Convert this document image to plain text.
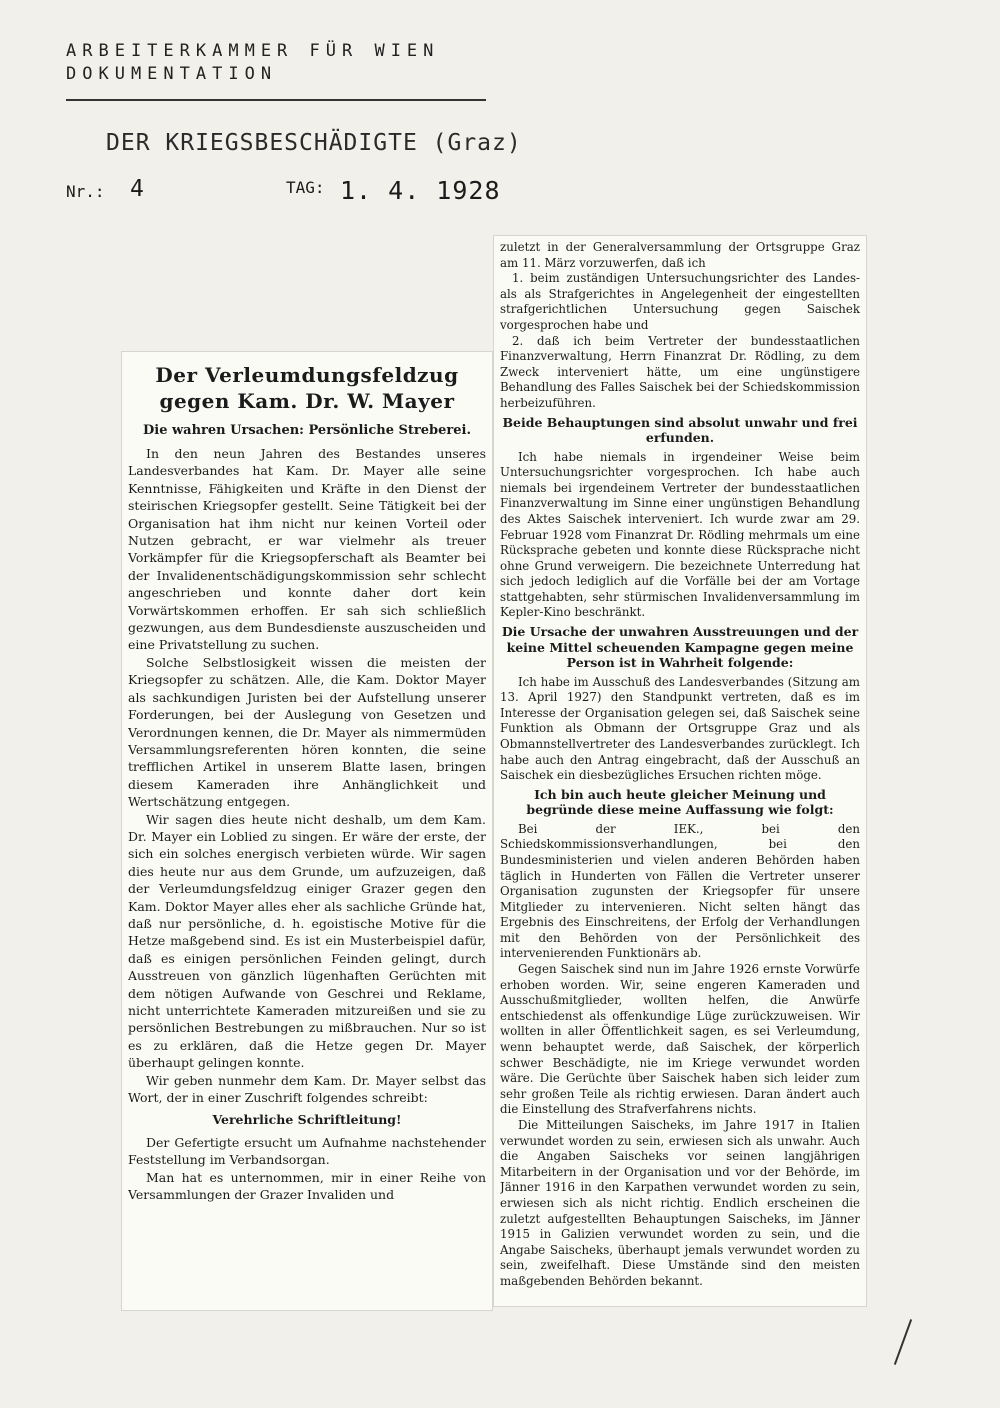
ARBEITERKAMMER FÜR WIEN
DOKUMENTATION
DER KRIEGSBESCHÄDIGTE (Graz)
Nr.: 4	TAG: 1. 4. 1928
Der Verleumdungsfeldzug gegen Kam. Dr. W. Mayer
Die wahren Ursachen: Persönliche Streberei.

In den neun Jahren des Bestandes unseres Landesverbandes hat Kam. Dr. Mayer alle seine Kenntnisse, Fähigkeiten und Kräfte in den Dienst der steirischen Kriegsopfer gestellt. Seine Tätigkeit bei der Organisation hat ihm nicht nur keinen Vorteil oder Nutzen gebracht, er war vielmehr als treuer Vorkämpfer für die Kriegsopferschaft als Beamter bei der Invalidenentschädigungskommission sehr schlecht angeschrieben und konnte daher dort kein Vorwärtskommen erhoffen. Er sah sich schließlich gezwungen, aus dem Bundesdienste auszuscheiden und eine Privatstellung zu suchen.

Solche Selbstlosigkeit wissen die meisten der Kriegsopfer zu schätzen. Alle, die Kam. Doktor Mayer als sachkundigen Juristen bei der Aufstellung unserer Forderungen, bei der Auslegung von Gesetzen und Verordnungen kennen, die Dr. Mayer als nimmermüden Versammlungsreferenten hören konnten, die seine trefflichen Artikel in unserem Blatte lasen, bringen diesem Kameraden ihre Anhänglichkeit und Wertschätzung entgegen.

Wir sagen dies heute nicht deshalb, um dem Kam. Dr. Mayer ein Loblied zu singen. Er wäre der erste, der sich ein solches energisch verbieten würde. Wir sagen dies heute nur aus dem Grunde, um aufzuzeigen, daß der Verleumdungsfeldzug einiger Grazer gegen den Kam. Doktor Mayer alles eher als sachliche Gründe hat, daß nur persönliche, d. h. egoistische Motive für die Hetze maßgebend sind. Es ist ein Musterbeispiel dafür, daß es einigen persönlichen Feinden gelingt, durch Ausstreuen von gänzlich lügenhaften Gerüchten mit dem nötigen Aufwande von Geschrei und Reklame, nicht unterrichtete Kameraden mitzureißen und sie zu persönlichen Bestrebungen zu mißbrauchen. Nur so ist es zu erklären, daß die Hetze gegen Dr. Mayer überhaupt gelingen konnte.

Wir geben nunmehr dem Kam. Dr. Mayer selbst das Wort, der in einer Zuschrift folgendes schreibt:

Verehrliche Schriftleitung!

Der Gefertigte ersucht um Aufnahme nachstehender Feststellung im Verbandsorgan.

Man hat es unternommen, mir in einer Reihe von Versammlungen der Grazer Invaliden und

zuletzt in der Generalversammlung der Ortsgruppe Graz am 11. März vorzuwerfen, daß ich

1. beim zuständigen Untersuchungsrichter des Landes- als als Strafgerichtes in Angelegenheit der eingestellten strafgerichtlichen Untersuchung gegen Saischek vorgesprochen habe und

2. daß ich beim Vertreter der bundesstaatlichen Finanzverwaltung, Herrn Finanzrat Dr. Rödling, zu dem Zweck interveniert hätte, um eine ungünstigere Behandlung des Falles Saischek bei der Schiedskommission herbeizuführen.

Beide Behauptungen sind absolut unwahr und frei erfunden.

Ich habe niemals in irgendeiner Weise beim Untersuchungsrichter vorgesprochen. Ich habe auch niemals bei irgendeinem Vertreter der bundesstaatlichen Finanzverwaltung im Sinne einer ungünstigen Behandlung des Aktes Saischek interveniert. Ich wurde zwar am 29. Februar 1928 vom Finanzrat Dr. Rödling mehrmals um eine Rücksprache gebeten und konnte diese Rücksprache nicht ohne Grund verweigern. Die bezeichnete Unterredung hat sich jedoch lediglich auf die Vorfälle bei der am Vortage stattgehabten, sehr stürmischen Invalidenversammlung im Kepler-Kino beschränkt.

Die Ursache der unwahren Ausstreuungen und der keine Mittel scheuenden Kampagne gegen meine Person ist in Wahrheit folgende:

Ich habe im Ausschuß des Landesverbandes (Sitzung am 13. April 1927) den Standpunkt vertreten, daß es im Interesse der Organisation gelegen sei, daß Saischek seine Funktion als Obmann der Ortsgruppe Graz und als Obmannstellvertreter des Landesverbandes zurücklegt. Ich habe auch den Antrag eingebracht, daß der Ausschuß an Saischek ein diesbezügliches Ersuchen richten möge.

Ich bin auch heute gleicher Meinung und begründe diese meine Auffassung wie folgt:

Bei der IEK., bei den Schiedskommissionsverhandlungen, bei den Bundesministerien und vielen anderen Behörden haben täglich in Hunderten von Fällen die Vertreter unserer Organisation zugunsten der Kriegsopfer für unsere Mitglieder zu intervenieren. Nicht selten hängt das Ergebnis des Einschreitens, der Erfolg der Verhandlungen mit den Behörden von der Persönlichkeit des intervenierenden Funktionärs ab.

Gegen Saischek sind nun im Jahre 1926 ernste Vorwürfe erhoben worden. Wir, seine engeren Kameraden und Ausschußmitglieder, wollten helfen, die Anwürfe entschiedenst als offenkundige Lüge zurückzuweisen. Wir wollten in aller Öffentlichkeit sagen, es sei Verleumdung, wenn behauptet werde, daß Saischek, der körperlich schwer Beschädigte, nie im Kriege verwundet worden wäre. Die Gerüchte über Saischek haben sich leider zum sehr großen Teile als richtig erwiesen. Daran ändert auch die Einstellung des Strafverfahrens nichts.

Die Mitteilungen Saischeks, im Jahre 1917 in Italien verwundet worden zu sein, erwiesen sich als unwahr. Auch die Angaben Saischeks vor seinen langjährigen Mitarbeitern in der Organisation und vor der Behörde, im Jänner 1916 in den Karpathen verwundet worden zu sein, erwiesen sich als nicht richtig. Endlich erscheinen die zuletzt aufgestellten Behauptungen Saischeks, im Jänner 1915 in Galizien verwundet worden zu sein, und die Angabe Saischeks, überhaupt jemals verwundet worden zu sein, zweifelhaft. Diese Umstände sind den meisten maßgebenden Behörden bekannt.
